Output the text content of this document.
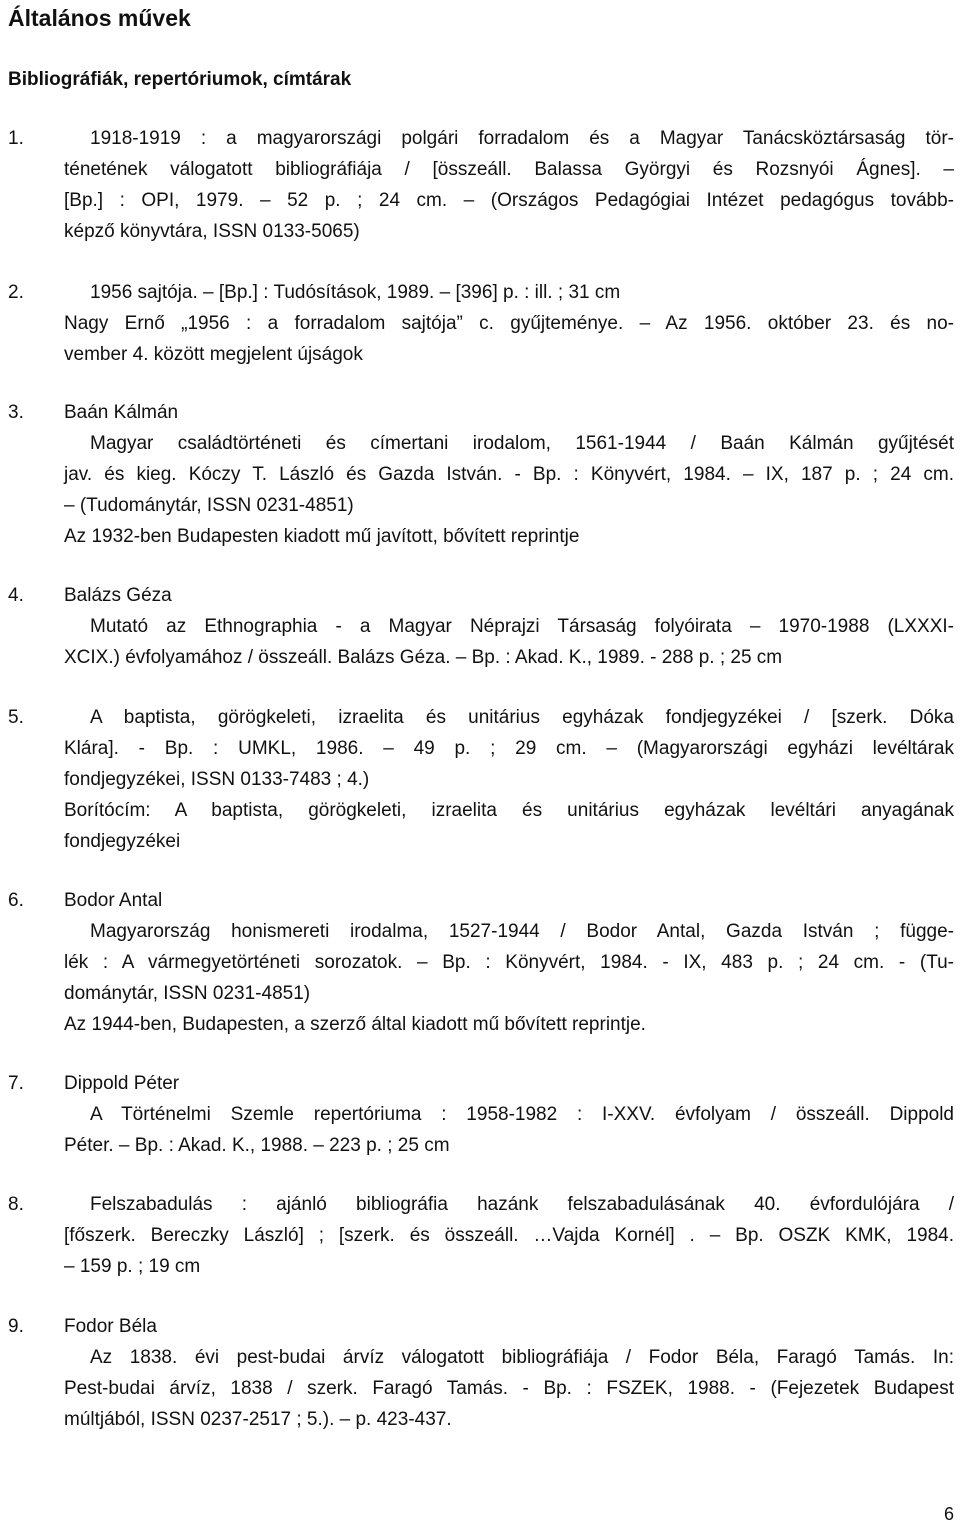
Általános művek
Bibliográfiák, repertóriumok, címtárak
1.	1918-1919 : a magyarországi polgári forradalom és a Magyar Tanácsköztársaság tör-
ténetének válogatott bibliográfiája / [összeáll. Balassa Györgyi és Rozsnyói Ágnes]. –
[Bp.] : OPI, 1979. – 52 p. ; 24 cm. – (Országos Pedagógiai Intézet pedagógus tovább-
képző könyvtára, ISSN 0133-5065)
2.	1956 sajtója. – [Bp.] : Tudósítások, 1989. – [396] p. : ill. ; 31 cm
Nagy Ernő „1956 : a forradalom sajtója” c. gyűjteménye. – Az 1956. október 23. és no-
vember 4. között megjelent újságok
3. Baán Kálmán
Magyar családtörténeti és címertani irodalom, 1561-1944 / Baán Kálmán gyűjtését
jav. és kieg. Kóczy T. László és Gazda István. - Bp. : Könyvért, 1984. – IX, 187 p. ; 24 cm.
– (Tudománytár, ISSN 0231-4851)
Az 1932-ben Budapesten kiadott mű javított, bővített reprintje
4. Balázs Géza
Mutató az Ethnographia - a Magyar Néprajzi Társaság folyóirata – 1970-1988 (LXXXI-
XCIX.) évfolyamához / összeáll. Balázs Géza. – Bp. : Akad. K., 1989. - 288 p. ; 25 cm
5.	A baptista, görögkeleti, izraelita és unitárius egyházak fondjegyzékei / [szerk. Dóka
Klára]. - Bp. : UMKL, 1986. – 49 p. ; 29 cm. – (Magyarországi egyházi levéltárak
fondjegyzékei, ISSN 0133-7483 ; 4.)
Borítócím: A baptista, görögkeleti, izraelita és unitárius egyházak levéltári anyagának
fondjegyzékei
6. Bodor Antal
Magyarország honismereti irodalma, 1527-1944 / Bodor Antal, Gazda István ; függe-
lék : A vármegyetörténeti sorozatok. – Bp. : Könyvért, 1984. - IX, 483 p. ; 24 cm. - (Tu-
dománytár, ISSN 0231-4851)
Az 1944-ben, Budapesten, a szerző által kiadott mű bővített reprintje.
7. Dippold Péter
A Történelmi Szemle repertóriuma : 1958-1982 : I-XXV. évfolyam / összeáll. Dippold
Péter. – Bp. : Akad. K., 1988. – 223 p. ; 25 cm
8.	Felszabadulás : ajánló bibliográfia hazánk felszabadulásának 40. évfordulójára /
[főszerk. Bereczky László] ; [szerk. és összeáll. …Vajda Kornél] . – Bp. OSZK KMK, 1984.
– 159 p. ; 19 cm
9. Fodor Béla
Az 1838. évi pest-budai árvíz válogatott bibliográfiája / Fodor Béla, Faragó Tamás. In:
Pest-budai árvíz, 1838 / szerk. Faragó Tamás. - Bp. : FSZEK, 1988. - (Fejezetek Budapest
múltjából, ISSN 0237-2517 ; 5.). – p. 423-437.
6
